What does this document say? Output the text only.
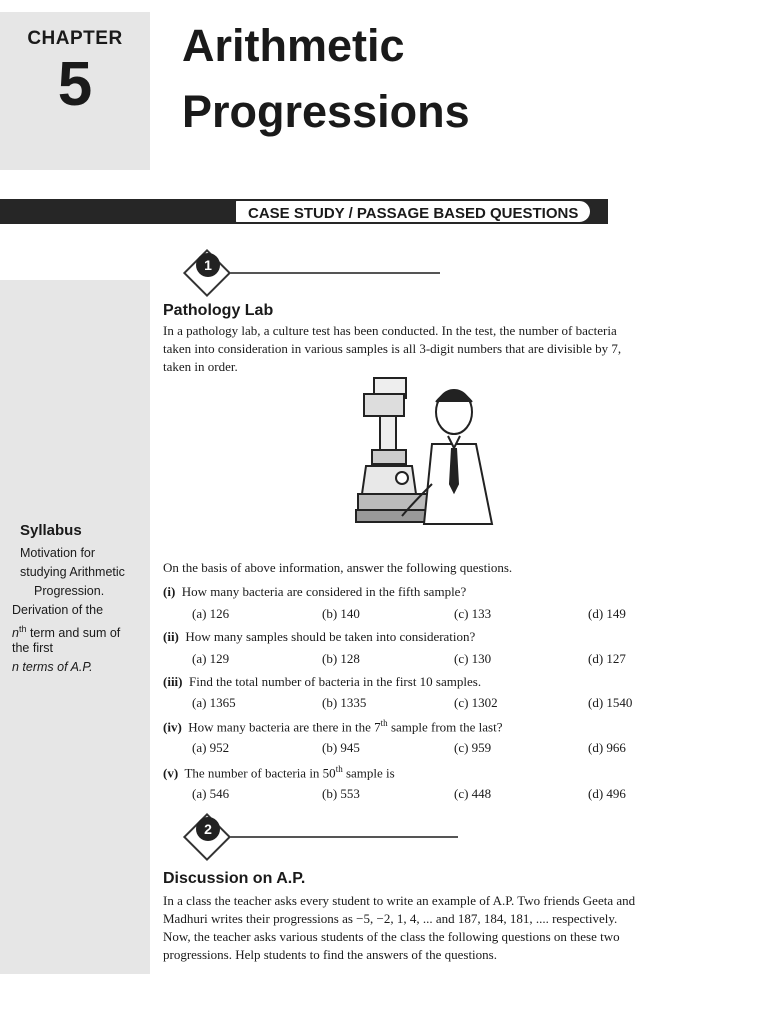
CHAPTER
5
Arithmetic
Progressions
CASE STUDY / PASSAGE BASED QUESTIONS
Syllabus
Motivation for
studying Arithmetic
Progression.
Derivation of the
$n^{th}$ term and sum of
the first
n terms of A.P.
1
Pathology Lab
In a pathology lab, a culture test has been conducted. In the test, the number of bacteria
taken into consideration in various samples is all 3-digit numbers that are divisible by 7,
taken in order.
On the basis of above information, answer the following questions.
(i) How many bacteria are considered in the fifth sample?
(a) 126	(b) 140	(c) 133	(d) 149
(ii) How many samples should be taken into consideration?
(a) 129	(b) 128	(c) 130	(d) 127
(iii) Find the total number of bacteria in the first 10 samples.
(a) 1365	(b) 1335	(c) 1302	(d) 1540
(iv) How many bacteria are there in the 7th sample from the last?
(a) 952	(b) 945	(c) 959	(d) 966
(v) The number of bacteria in 50th sample is
(a) 546	(b) 553	(c) 448	(d) 496
2
Discussion on A.P.
In a class the teacher asks every student to write an example of A.P. Two friends Geeta and
Madhuri writes their progressions as −5, −2, 1, 4, ... and 187, 184, 181, .... respectively.
Now, the teacher asks various students of the class the following questions on these two
progressions. Help students to find the answers of the questions.
